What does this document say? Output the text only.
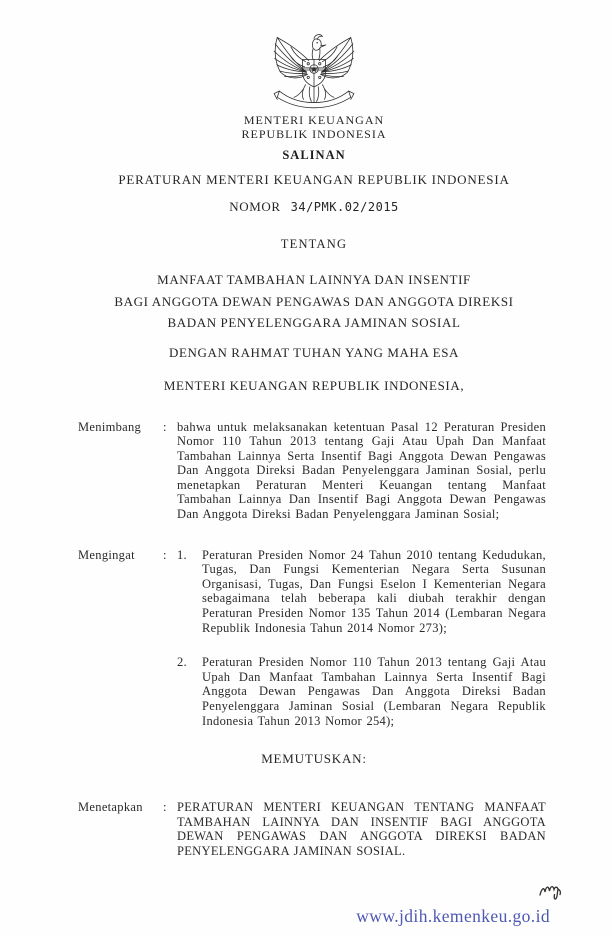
MENTERI KEUANGAN
REPUBLIK INDONESIA
SALINAN
PERATURAN MENTERI KEUANGAN REPUBLIK INDONESIA
NOMOR 34/PMK.02/2015
TENTANG
MANFAAT TAMBAHAN LAINNYA DAN INSENTIF
BAGI ANGGOTA DEWAN PENGAWAS DAN ANGGOTA DIREKSI
BADAN PENYELENGGARA JAMINAN SOSIAL
DENGAN RAHMAT TUHAN YANG MAHA ESA
MENTERI KEUANGAN REPUBLIK INDONESIA,
Menimbang	: bahwa untuk melaksanakan ketentuan Pasal 12 Peraturan Presiden Nomor 110 Tahun 2013 tentang Gaji Atau Upah Dan Manfaat Tambahan Lainnya Serta Insentif Bagi Anggota Dewan Pengawas Dan Anggota Direksi Badan Penyelenggara Jaminan Sosial, perlu menetapkan Peraturan Menteri Keuangan tentang Manfaat Tambahan Lainnya Dan Insentif Bagi Anggota Dewan Pengawas Dan Anggota Direksi Badan Penyelenggara Jaminan Sosial;
Mengingat	: 1.	Peraturan Presiden Nomor 24 Tahun 2010 tentang Kedudukan, Tugas, Dan Fungsi Kementerian Negara Serta Susunan Organisasi, Tugas, Dan Fungsi Eselon I Kementerian Negara sebagaimana telah beberapa kali diubah terakhir dengan Peraturan Presiden Nomor 135 Tahun 2014 (Lembaran Negara Republik Indonesia Tahun 2014 Nomor 273);
2.	Peraturan Presiden Nomor 110 Tahun 2013 tentang Gaji Atau Upah Dan Manfaat Tambahan Lainnya Serta Insentif Bagi Anggota Dewan Pengawas Dan Anggota Direksi Badan Penyelenggara Jaminan Sosial (Lembaran Negara Republik Indonesia Tahun 2013 Nomor 254);
MEMUTUSKAN:
Menetapkan	: PERATURAN MENTERI KEUANGAN TENTANG MANFAAT TAMBAHAN LAINNYA DAN INSENTIF BAGI ANGGOTA DEWAN PENGAWAS DAN ANGGOTA DIREKSI BADAN PENYELENGGARA JAMINAN SOSIAL.
www.jdih.kemenkeu.go.id
